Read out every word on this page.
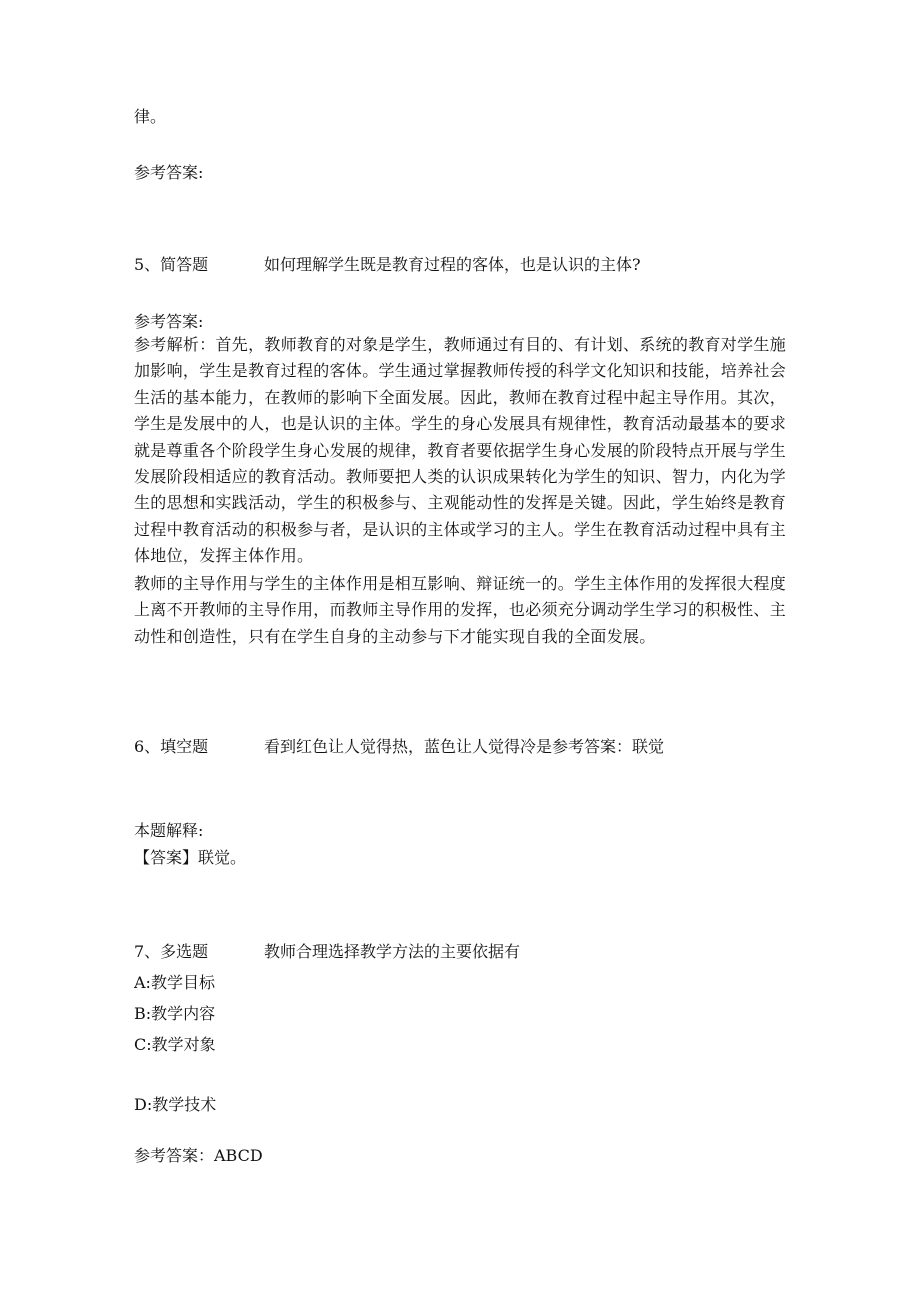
律。

参考答案:

5、简答题	如何理解学生既是教育过程的客体，也是认识的主体?

参考答案:

参考解析：首先，教师教育的对象是学生，教师通过有目的、有计划、系统的教育对学生施加影响，学生是教育过程的客体。学生通过掌握教师传授的科学文化知识和技能，培养社会生活的基本能力，在教师的影响下全面发展。因此，教师在教育过程中起主导作用。其次，学生是发展中的人，也是认识的主体。学生的身心发展具有规律性，教育活动最基本的要求就是尊重各个阶段学生身心发展的规律，教育者要依据学生身心发展的阶段特点开展与学生发展阶段相适应的教育活动。教师要把人类的认识成果转化为学生的知识、智力，内化为学生的思想和实践活动，学生的积极参与、主观能动性的发挥是关键。因此，学生始终是教育过程中教育活动的积极参与者，是认识的主体或学习的主人。学生在教育活动过程中具有主体地位，发挥主体作用。

教师的主导作用与学生的主体作用是相互影响、辩证统一的。学生主体作用的发挥很大程度上离不开教师的主导作用，而教师主导作用的发挥，也必须充分调动学生学习的积极性、主动性和创造性，只有在学生自身的主动参与下才能实现自我的全面发展。

6、填空题	看到红色让人觉得热，蓝色让人觉得冷是参考答案：联觉

本题解释:

【答案】联觉。

7、多选题	教师合理选择教学方法的主要依据有

A:教学目标

B:教学内容

C:教学对象

D:教学技术

参考答案：ABCD
